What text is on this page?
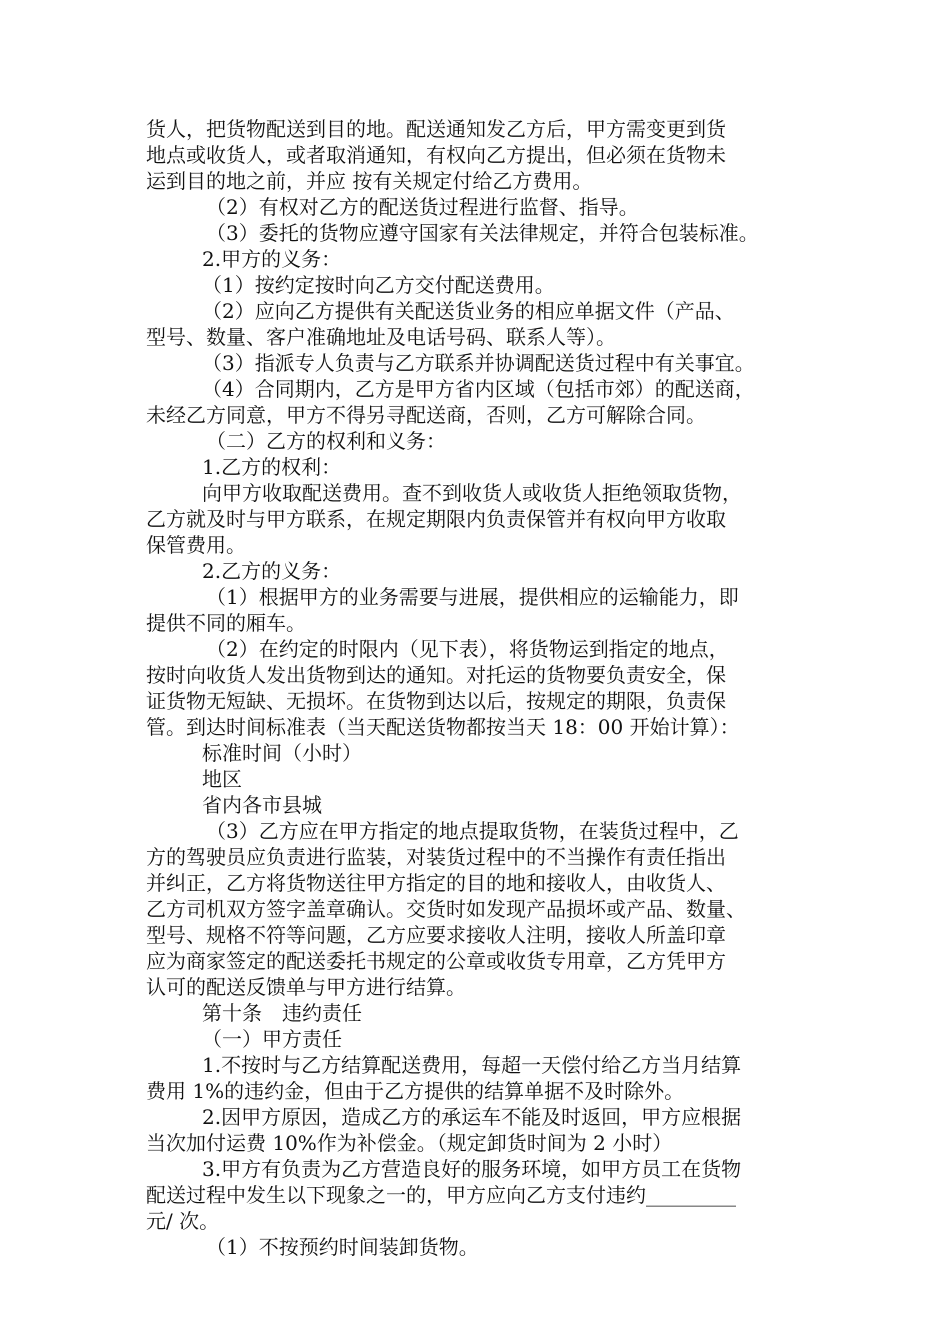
货人，把货物配送到目的地。配送通知发乙方后，甲方需变更到货
地点或收货人，或者取消通知，有权向乙方提出，但必须在货物未
运到目的地之前，并应 按有关规定付给乙方费用。
（2）有权对乙方的配送货过程进行监督、指导。
（3）委托的货物应遵守国家有关法律规定，并符合包装标准。
2.甲方的义务：
（1）按约定按时向乙方交付配送费用。
（2）应向乙方提供有关配送货业务的相应单据文件（产品、
型号、数量、客户准确地址及电话号码、联系人等）。
（3）指派专人负责与乙方联系并协调配送货过程中有关事宜。
（4）合同期内，乙方是甲方省内区域（包括市郊）的配送商，
未经乙方同意，甲方不得另寻配送商，否则，乙方可解除合同。
（二）乙方的权利和义务：
1.乙方的权利：
向甲方收取配送费用。查不到收货人或收货人拒绝领取货物，
乙方就及时与甲方联系，在规定期限内负责保管并有权向甲方收取
保管费用。
2.乙方的义务：
（1）根据甲方的业务需要与进展，提供相应的运输能力，即
提供不同的厢车。
（2）在约定的时限内（见下表），将货物运到指定的地点，
按时向收货人发出货物到达的通知。对托运的货物要负责安全，保
证货物无短缺、无损坏。在货物到达以后，按规定的期限，负责保
管。到达时间标准表（当天配送货物都按当天 18：00 开始计算）：
标准时间（小时）
地区
省内各市县城
（3）乙方应在甲方指定的地点提取货物，在装货过程中，乙
方的驾驶员应负责进行监装，对装货过程中的不当操作有责任指出
并纠正，乙方将货物送往甲方指定的目的地和接收人，由收货人、
乙方司机双方签字盖章确认。交货时如发现产品损坏或产品、数量、
型号、规格不符等问题，乙方应要求接收人注明，接收人所盖印章
应为商家签定的配送委托书规定的公章或收货专用章，乙方凭甲方
认可的配送反馈单与甲方进行结算。
第十条　违约责任
（一）甲方责任
1.不按时与乙方结算配送费用，每超一天偿付给乙方当月结算
费用 1%的违约金，但由于乙方提供的结算单据不及时除外。
2.因甲方原因，造成乙方的承运车不能及时返回，甲方应根据
当次加付运费 10%作为补偿金。（规定卸货时间为 2 小时）
3.甲方有负责为乙方营造良好的服务环境，如甲方员工在货物
配送过程中发生以下现象之一的，甲方应向乙方支付违约_________
元/ 次。
（1）不按预约时间装卸货物。
